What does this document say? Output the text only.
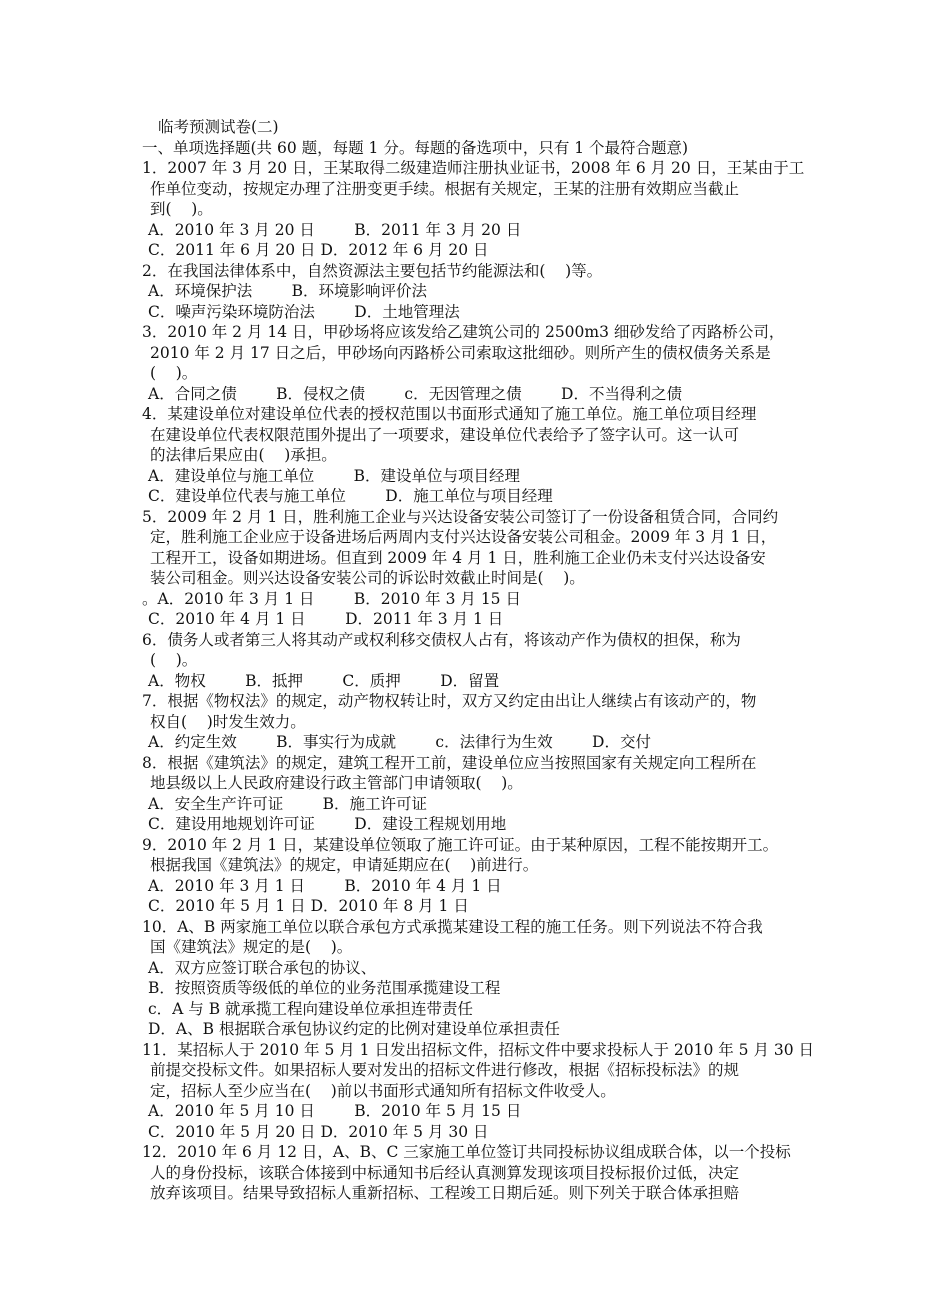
临考预测试卷(二)
一、单项选择题(共 60 题，每题 1 分。每题的备选项中，只有 1 个最符合题意)
1．2007 年 3 月 20 日，王某取得二级建造师注册执业证书，2008 年 6 月 20 日，王某由于工
作单位变动，按规定办理了注册变更手续。根据有关规定，王某的注册有效期应当截止
到(    )。
A．2010 年 3 月 20 日        B．2011 年 3 月 20 日
C．2011 年 6 月 20 日 D．2012 年 6 月 20 日
2．在我国法律体系中，自然资源法主要包括节约能源法和(    )等。
A．环境保护法        B．环境影响评价法
C．噪声污染环境防治法        D．土地管理法
3．2010 年 2 月 14 日，甲砂场将应该发给乙建筑公司的 2500m3 细砂发给了丙路桥公司，
2010 年 2 月 17 日之后，甲砂场向丙路桥公司索取这批细砂。则所产生的债权债务关系是
(    )。
A．合同之债        B．侵权之债        c．无因管理之债        D．不当得利之债
4．某建设单位对建设单位代表的授权范围以书面形式通知了施工单位。施工单位项目经理
在建设单位代表权限范围外提出了一项要求，建设单位代表给予了签字认可。这一认可
的法律后果应由(    )承担。
A．建设单位与施工单位        B．建设单位与项目经理
C．建设单位代表与施工单位        D．施工单位与项目经理
5．2009 年 2 月 1 日，胜利施工企业与兴达设备安装公司签订了一份设备租赁合同，合同约
定，胜利施工企业应于设备进场后两周内支付兴达设备安装公司租金。2009 年 3 月 1 日，
工程开工，设备如期进场。但直到 2009 年 4 月 1 日，胜利施工企业仍未支付兴达设备安
装公司租金。则兴达设备安装公司的诉讼时效截止时间是(    )。
。A．2010 年 3 月 1 日        B．2010 年 3 月 15 日
C．2010 年 4 月 1 日        D．2011 年 3 月 1 日
6．债务人或者第三人将其动产或权利移交债权人占有，将该动产作为债权的担保，称为
(    )。
A．物权        B．抵押        C．质押        D．留置
7．根据《物权法》的规定，动产物权转让时，双方又约定由出让人继续占有该动产的，物
权自(    )时发生效力。
A．约定生效        B．事实行为成就        c．法律行为生效        D．交付
8．根据《建筑法》的规定，建筑工程开工前，建设单位应当按照国家有关规定向工程所在
地县级以上人民政府建设行政主管部门申请领取(    )。
A．安全生产许可证        B．施工许可证
C．建设用地规划许可证        D．建设工程规划用地
9．2010 年 2 月 1 日，某建设单位领取了施工许可证。由于某种原因，工程不能按期开工。
根据我国《建筑法》的规定，申请延期应在(    )前进行。
A．2010 年 3 月 1 日        B．2010 年 4 月 1 日
C．2010 年 5 月 1 日 D．2010 年 8 月 1 日
10．A、B 两家施工单位以联合承包方式承揽某建设工程的施工任务。则下列说法不符合我
国《建筑法》规定的是(    )。
A．双方应签订联合承包的协议、
B．按照资质等级低的单位的业务范围承揽建设工程
c．A 与 B 就承揽工程向建设单位承担连带责任
D．A、B 根据联合承包协议约定的比例对建设单位承担责任
11．某招标人于 2010 年 5 月 1 日发出招标文件，招标文件中要求投标人于 2010 年 5 月 30 日
前提交投标文件。如果招标人要对发出的招标文件进行修改，根据《招标投标法》的规
定，招标人至少应当在(    )前以书面形式通知所有招标文件收受人。
A．2010 年 5 月 10 日        B．2010 年 5 月 15 日
C．2010 年 5 月 20 日 D．2010 年 5 月 30 日
12．2010 年 6 月 12 日，A、B、C 三家施工单位签订共同投标协议组成联合体，以一个投标
人的身份投标，该联合体接到中标通知书后经认真测算发现该项目投标报价过低，决定
放弃该项目。结果导致招标人重新招标、工程竣工日期后延。则下列关于联合体承担赔
